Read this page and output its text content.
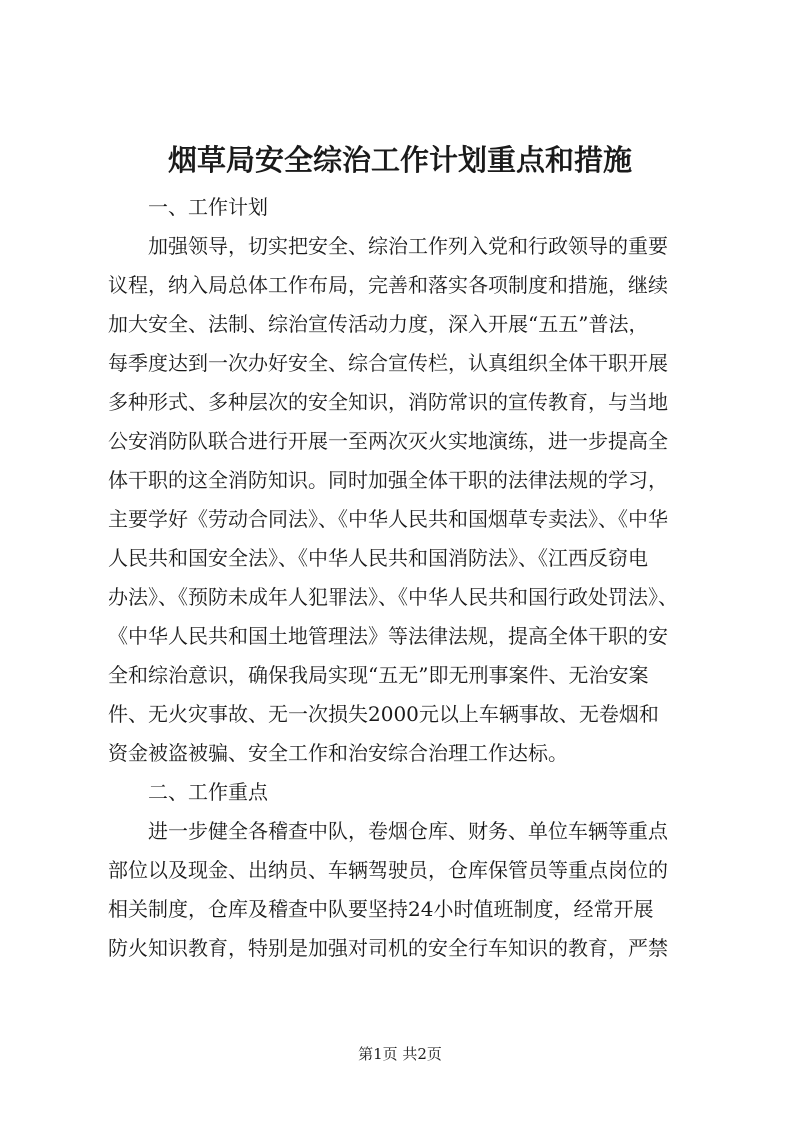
烟草局安全综治工作计划重点和措施
一、工作计划
加强领导，切实把安全、综治工作列入党和行政领导的重要
议程，纳入局总体工作布局，完善和落实各项制度和措施，继续
加大安全、法制、综治宣传活动力度，深入开展“五五”普法，
每季度达到一次办好安全、综合宣传栏，认真组织全体干职开展
多种形式、多种层次的安全知识，消防常识的宣传教育，与当地
公安消防队联合进行开展一至两次灭火实地演练，进一步提高全
体干职的这全消防知识。同时加强全体干职的法律法规的学习，
主要学好《劳动合同法》、《中华人民共和国烟草专卖法》、《中华
人民共和国安全法》、《中华人民共和国消防法》、《江西反窃电
办法》、《预防未成年人犯罪法》、《中华人民共和国行政处罚法》、
《中华人民共和国土地管理法》等法律法规，提高全体干职的安
全和综治意识，确保我局实现“五无”即无刑事案件、无治安案
件、无火灾事故、无一次损失2000元以上车辆事故、无卷烟和
资金被盗被骗、安全工作和治安综合治理工作达标。
二、工作重点
进一步健全各稽查中队，卷烟仓库、财务、单位车辆等重点
部位以及现金、出纳员、车辆驾驶员，仓库保管员等重点岗位的
相关制度，仓库及稽查中队要坚持24小时值班制度，经常开展
防火知识教育，特别是加强对司机的安全行车知识的教育，严禁
第1页 共2页
